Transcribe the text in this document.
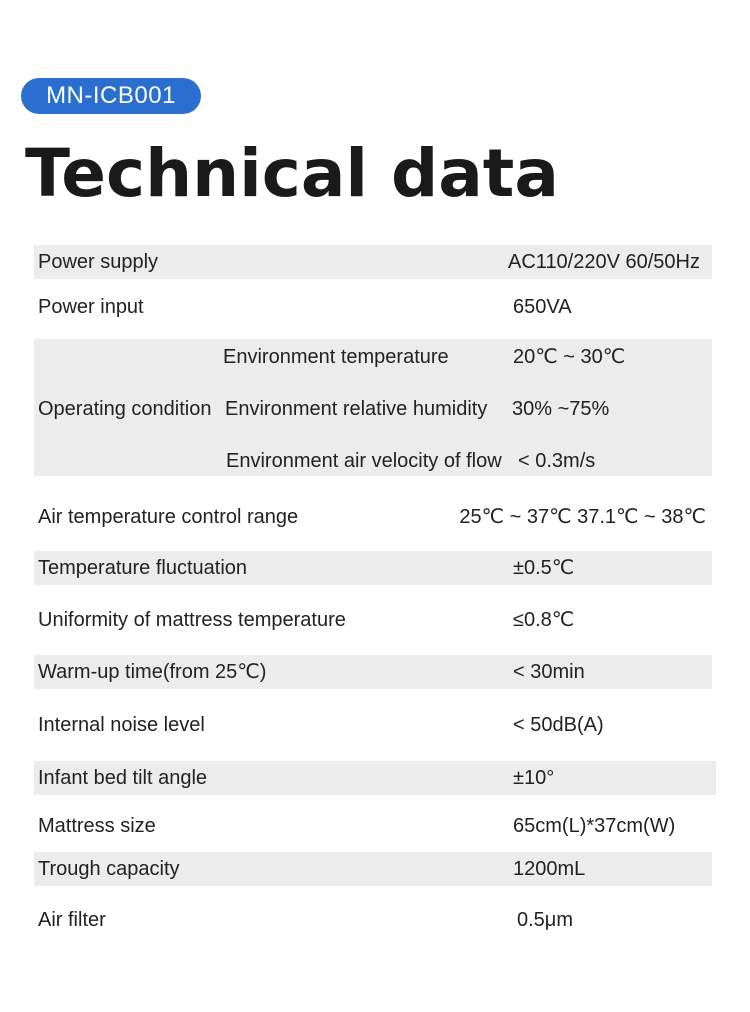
MN-ICB001
Technical data
Power supply	AC110/220V 60/50Hz
Power input	650VA
Operating condition
Environment temperature	20℃ ~ 30℃
Environment relative humidity 30% ~75%
Environment air velocity of flow < 0.3m/s
Air temperature control range	25℃ ~ 37℃ 37.1℃ ~ 38℃
Temperature fluctuation	±0.5℃
Uniformity of mattress temperature	≤0.8℃
Warm-up time(from 25℃)	< 30min
Internal noise level	< 50dB(A)
Infant bed tilt angle	±10°
Mattress size	65cm(L)*37cm(W)
Trough capacity	1200mL
Air filter	0.5μm
